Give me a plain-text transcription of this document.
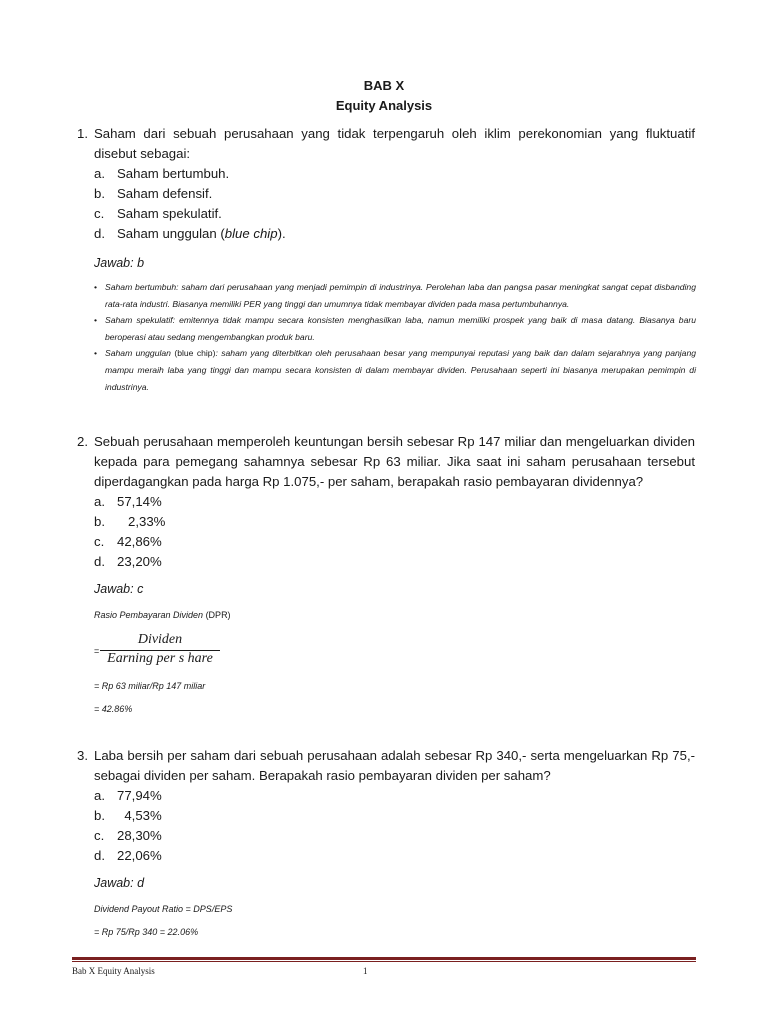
BAB X
Equity Analysis
1. Saham dari sebuah perusahaan yang tidak terpengaruh oleh iklim perekonomian yang fluktuatif disebut sebagai:
a. Saham bertumbuh.
b. Saham defensif.
c. Saham spekulatif.
d. Saham unggulan (blue chip).
Jawab: b
• Saham bertumbuh: saham dari perusahaan yang menjadi pemimpin di industrinya. Perolehan laba dan pangsa pasar meningkat sangat cepat disbanding rata-rata industri. Biasanya memiliki PER yang tinggi dan umumnya tidak membayar dividen pada masa pertumbuhannya.
• Saham spekulatif: emitennya tidak mampu secara konsisten menghasilkan laba, namun memiliki prospek yang baik di masa datang. Biasanya baru beroperasi atau sedang mengembangkan produk baru.
• Saham unggulan (blue chip): saham yang diterbitkan oleh perusahaan besar yang mempunyai reputasi yang baik dan dalam sejarahnya yang panjang mampu meraih laba yang tinggi dan mampu secara konsisten di dalam membayar dividen. Perusahaan seperti ini biasanya merupakan pemimpin di industrinya.
2. Sebuah perusahaan memperoleh keuntungan bersih sebesar Rp 147 miliar dan mengeluarkan dividen kepada para pemegang sahamnya sebesar Rp 63 miliar. Jika saat ini saham perusahaan tersebut diperdagangkan pada harga Rp 1.075,- per saham, berapakah rasio pembayaran dividennya?
a. 57,14%
b.   2,33%
c. 42,86%
d. 23,20%
Jawab: c
Rasio Pembayaran Dividen (DPR)
=
Dividen
Earning per s hare
= Rp 63 miliar/Rp 147 miliar
= 42.86%
3. Laba bersih per saham dari sebuah perusahaan adalah sebesar Rp 340,- serta mengeluarkan Rp 75,- sebagai dividen per saham. Berapakah rasio pembayaran dividen per saham?
a. 77,94%
b.  4,53%
c. 28,30%
d. 22,06%
Jawab: d
Dividend Payout Ratio = DPS/EPS
= Rp 75/Rp 340 = 22.06%
Bab X Equity Analysis	1
